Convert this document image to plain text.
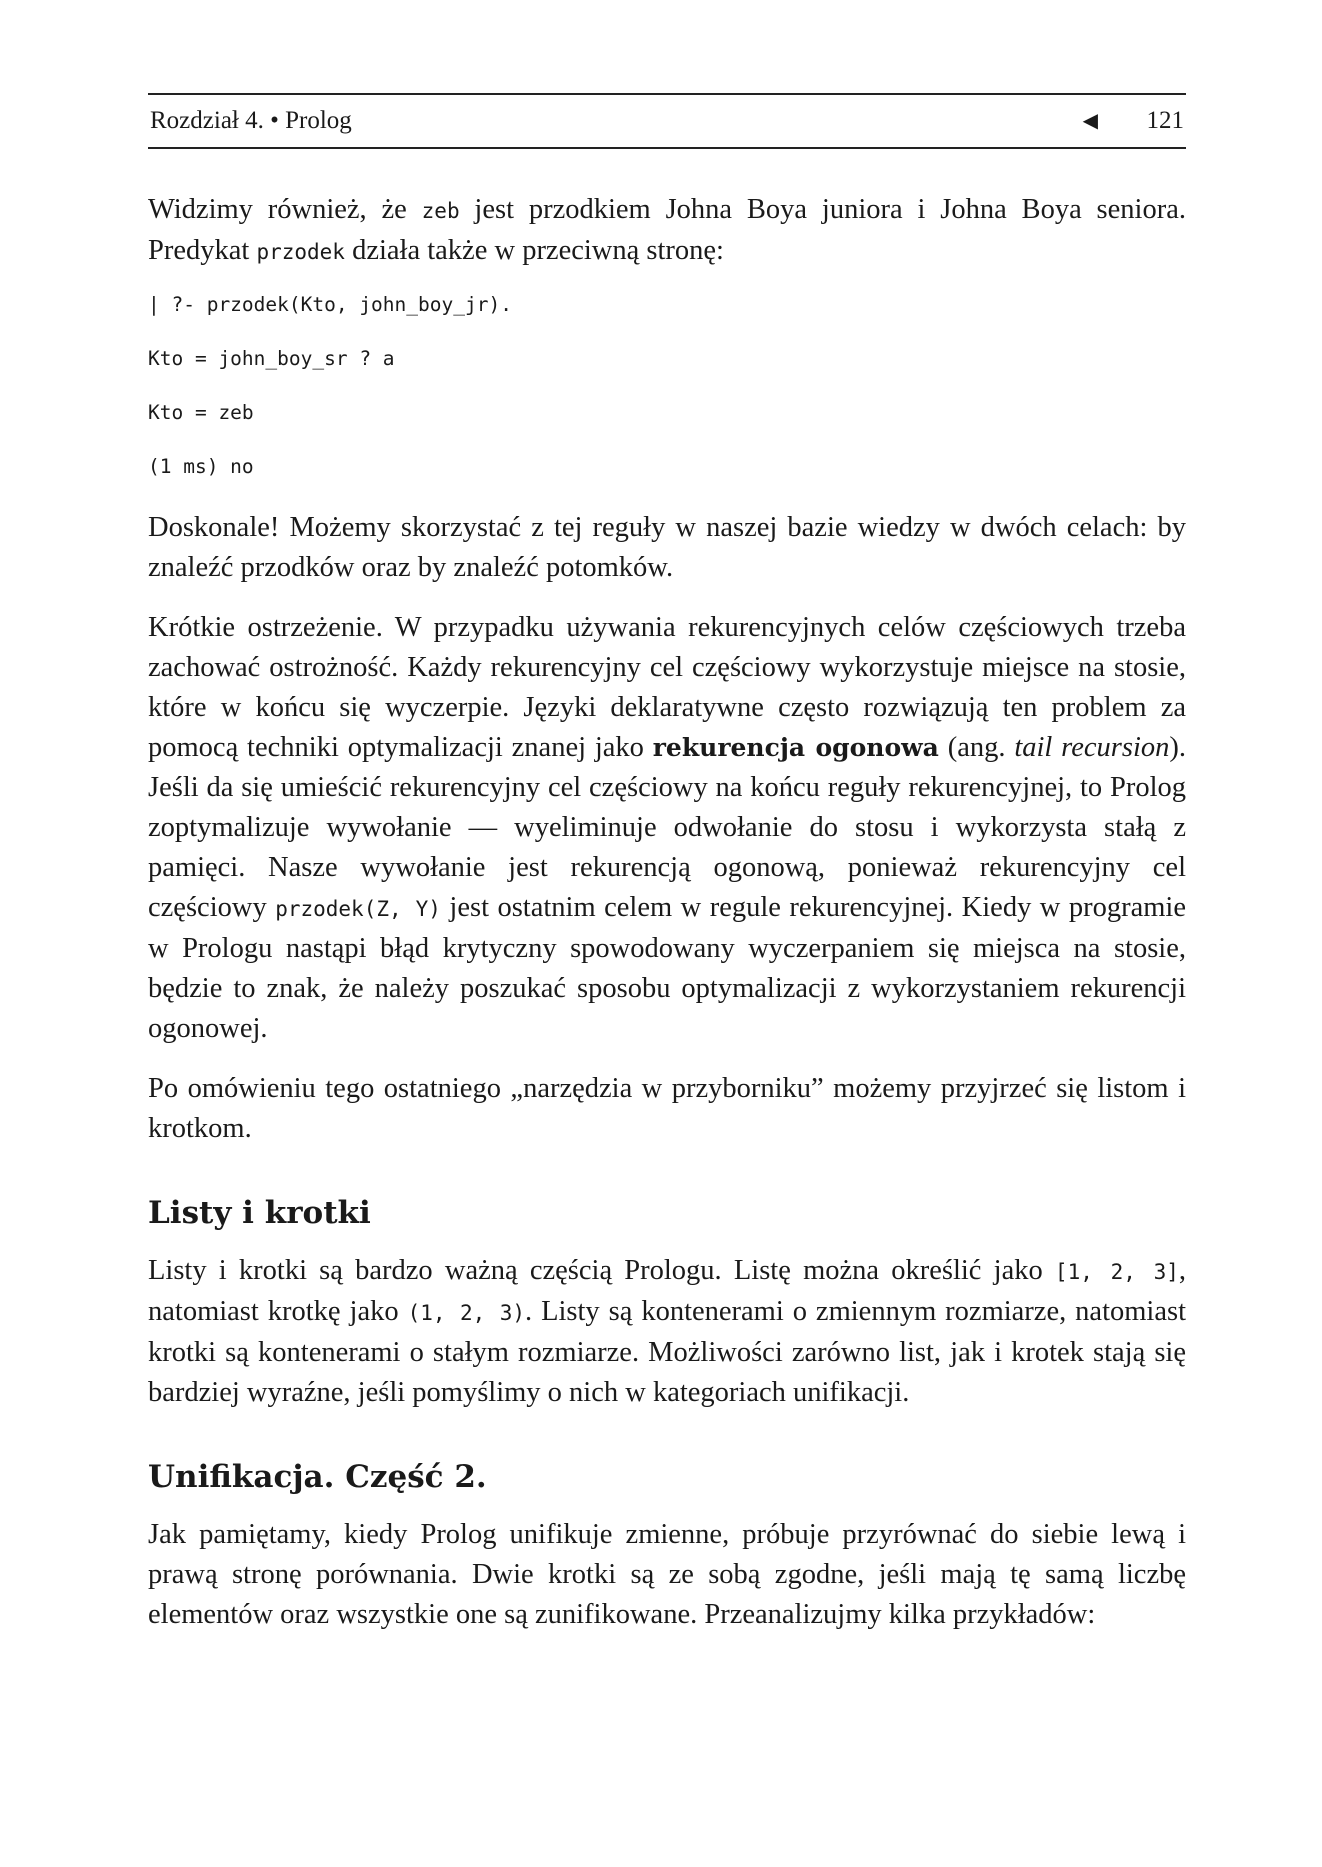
Rozdział 4. • Prolog	◀ 121

Widzimy również, że zeb jest przodkiem Johna Boya juniora i Johna Boya seniora. Predykat przodek działa także w przeciwną stronę:

| ?- przodek(Kto, john_boy_jr).
Kto = john_boy_sr ? a
Kto = zeb
(1 ms) no

Doskonale! Możemy skorzystać z tej reguły w naszej bazie wiedzy w dwóch celach: by znaleźć przodków oraz by znaleźć potomków.

Krótkie ostrzeżenie. W przypadku używania rekurencyjnych celów częściowych trzeba zachować ostrożność. Każdy rekurencyjny cel częściowy wykorzystuje miejsce na stosie, które w końcu się wyczerpie. Języki deklaratywne często rozwiązują ten problem za pomocą techniki optymalizacji znanej jako rekurencja ogonowa (ang. tail recursion). Jeśli da się umieścić rekurencyjny cel częściowy na końcu reguły rekurencyjnej, to Prolog zoptymalizuje wywołanie — wyeliminuje odwołanie do stosu i wykorzysta stałą z pamięci. Nasze wywołanie jest rekurencją ogonową, ponieważ rekurencyjny cel częściowy przodek(Z, Y) jest ostatnim celem w regule rekurencyjnej. Kiedy w programie w Prologu nastąpi błąd krytyczny spowodowany wyczerpaniem się miejsca na stosie, będzie to znak, że należy poszukać sposobu optymalizacji z wykorzystaniem rekurencji ogonowej.

Po omówieniu tego ostatniego „narzędzia w przyborniku” możemy przyjrzeć się listom i krotkom.

Listy i krotki

Listy i krotki są bardzo ważną częścią Prologu. Listę można określić jako [1, 2, 3], natomiast krotkę jako (1, 2, 3). Listy są kontenerami o zmiennym rozmiarze, natomiast krotki są kontenerami o stałym rozmiarze. Możliwości zarówno list, jak i krotek stają się bardziej wyraźne, jeśli pomyślimy o nich w kategoriach unifikacji.

Unifikacja. Część 2.

Jak pamiętamy, kiedy Prolog unifikuje zmienne, próbuje przyrównać do siebie lewą i prawą stronę porównania. Dwie krotki są ze sobą zgodne, jeśli mają tę samą liczbę elementów oraz wszystkie one są zunifikowane. Przeanalizujmy kilka przykładów:
